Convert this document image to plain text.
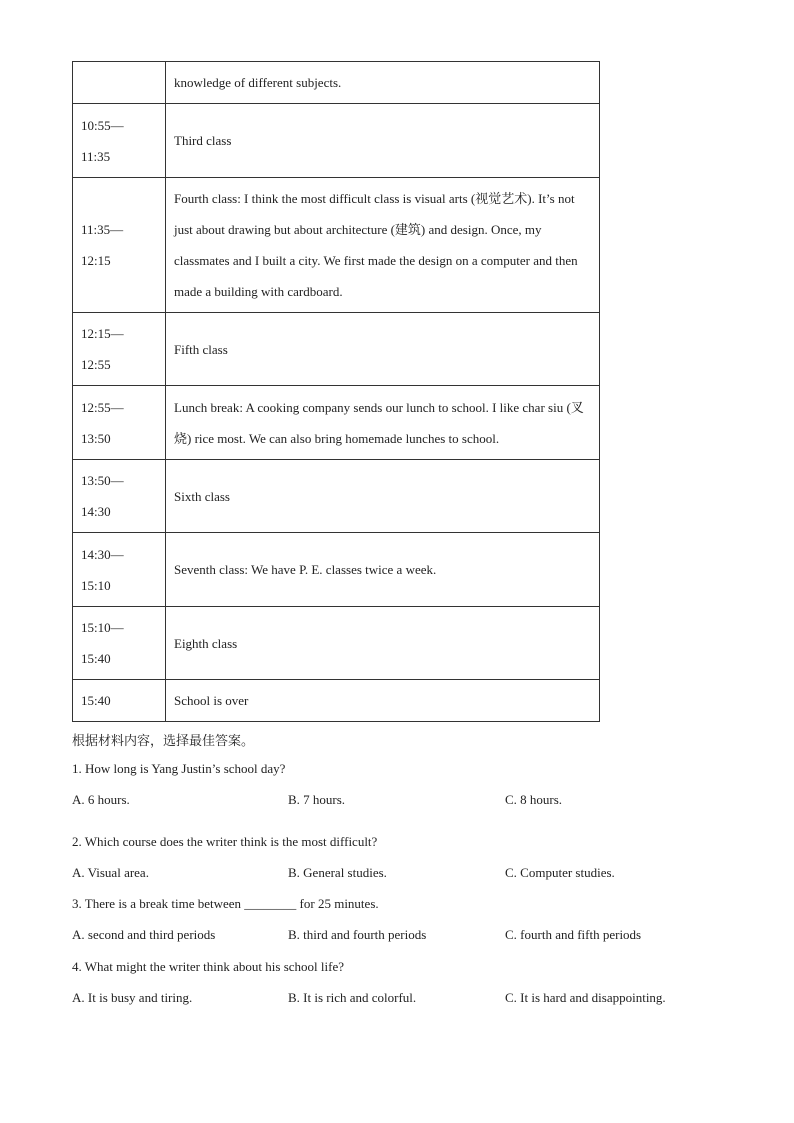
	knowledge of different subjects.

10:55—
11:35	Third class

11:35—
12:15	Fourth class: I think the most difficult class is visual arts (视觉艺术). It’s not just about drawing but about architecture (建筑) and design. Once, my classmates and I built a city. We first made the design on a computer and then made a building with cardboard.

12:15—
12:55	Fifth class

12:55—
13:50	Lunch break: A cooking company sends our lunch to school. I like char siu (叉烧) rice most. We can also bring homemade lunches to school.

13:50—
14:30	Sixth class

14:30—
15:10	Seventh class: We have P. E. classes twice a week.

15:10—
15:40	Eighth class

15:40	School is over
根据材料内容，选择最佳答案。
1. How long is Yang Justin’s school day?
A. 6 hours.	B. 7 hours.	C. 8 hours.
2. Which course does the writer think is the most difficult?
A. Visual area.	B. General studies.	C. Computer studies.
3. There is a break time between ________ for 25 minutes.
A. second and third periods	B. third and fourth periods	C. fourth and fifth periods
4. What might the writer think about his school life?
A. It is busy and tiring.	B. It is rich and colorful.	C. It is hard and disappointing.
